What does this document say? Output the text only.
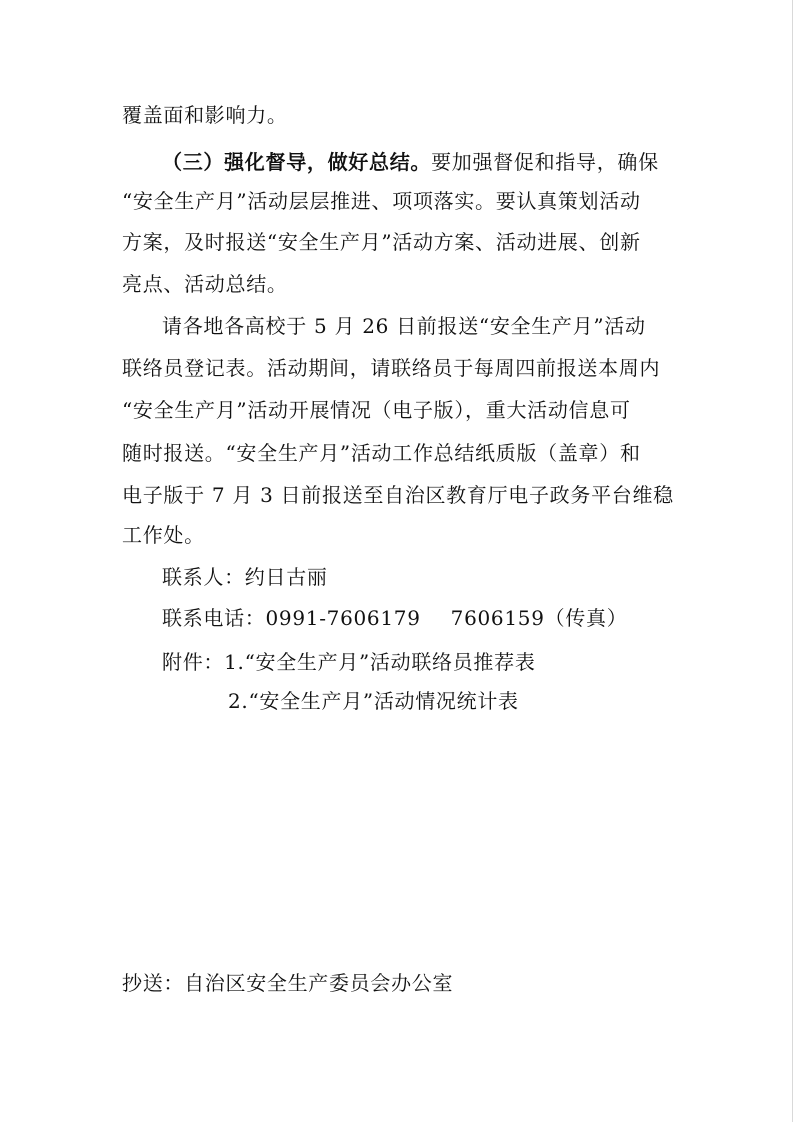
覆盖面和影响力。

（三）强化督导，做好总结。要加强督促和指导，确保

“安全生产月”活动层层推进、项项落实。要认真策划活动

方案，及时报送“安全生产月”活动方案、活动进展、创新

亮点、活动总结。

请各地各高校于 5 月 26 日前报送“安全生产月”活动

联络员登记表。活动期间，请联络员于每周四前报送本周内

“安全生产月”活动开展情况（电子版），重大活动信息可

随时报送。“安全生产月”活动工作总结纸质版（盖章）和

电子版于 7 月 3 日前报送至自治区教育厅电子政务平台维稳

工作处。

联系人：约日古丽

联系电话：0991-7606179 7606159（传真）

附件：1.“安全生产月”活动联络员推荐表

2.“安全生产月”活动情况统计表

抄送：自治区安全生产委员会办公室
